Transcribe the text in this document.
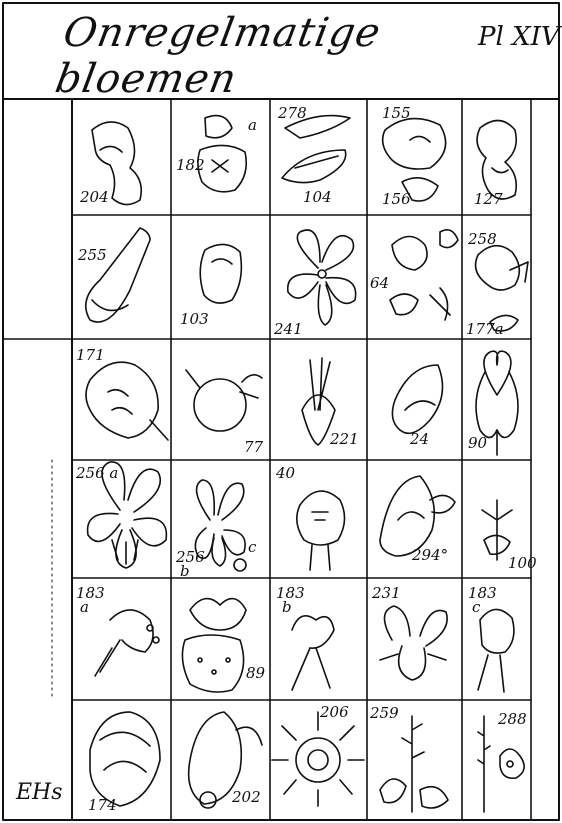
Onregelmatige bloemen
Pl XIV
EHs
204
182
a
278
104
155
156	127
255
103
241
64
258
177a
171
77	221	24	90
256 a
256
b
c
40
294°	100
183
a
89
183
b
231	183
c
174	202
206 259	288
